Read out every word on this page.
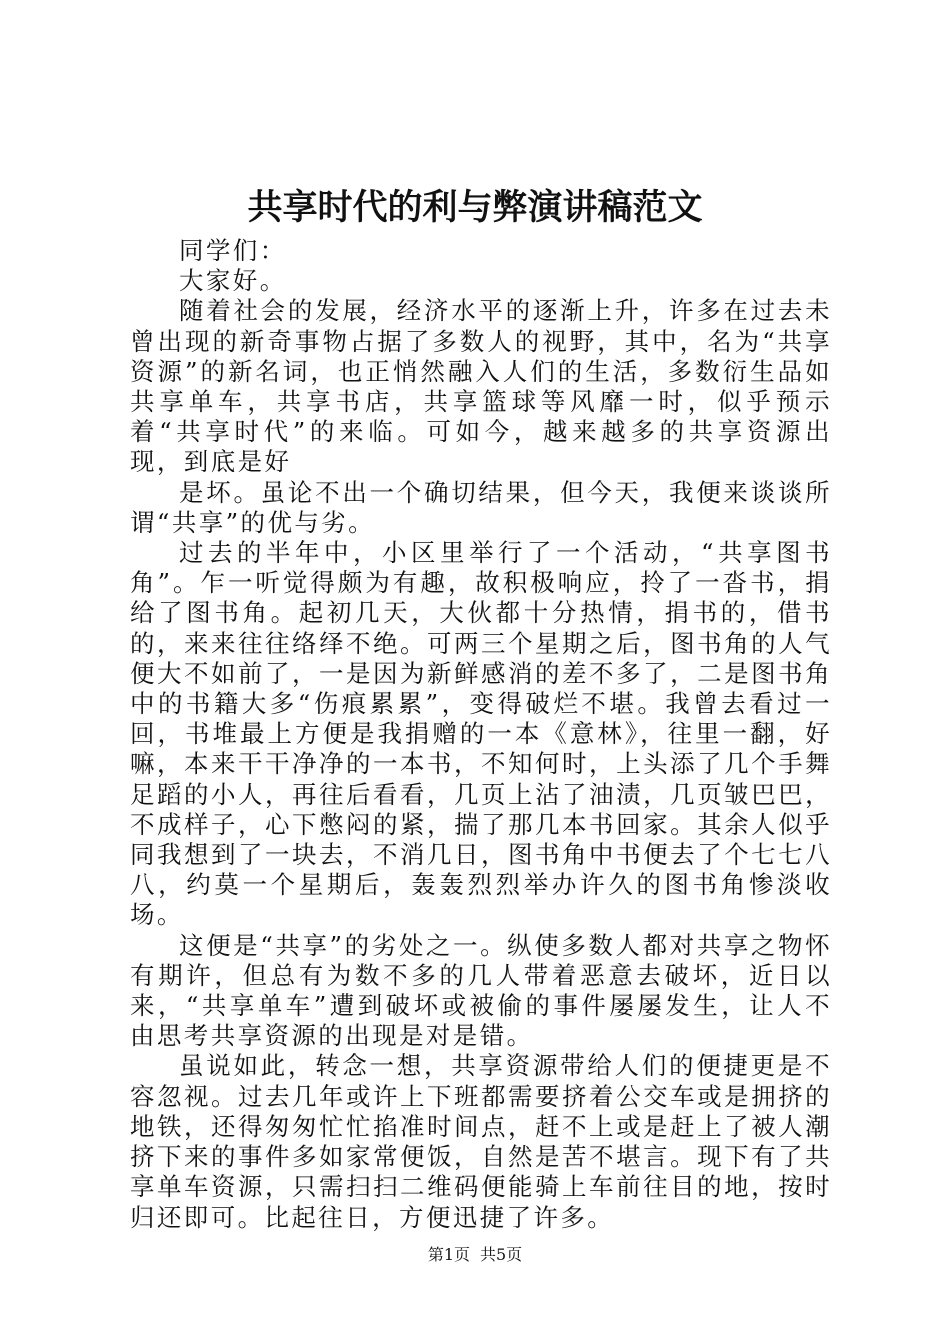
共享时代的利与弊演讲稿范文

同学们：

大家好。

随着社会的发展，经济水平的逐渐上升，许多在过去未曾出现的新奇事物占据了多数人的视野，其中，名为“共享资源”的新名词，也正悄然融入人们的生活，多数衍生品如共享单车，共享书店，共享篮球等风靡一时，似乎预示着“共享时代”的来临。可如今，越来越多的共享资源出现，到底是好

是坏。虽论不出一个确切结果，但今天，我便来谈谈所谓“共享”的优与劣。

过去的半年中，小区里举行了一个活动，“共享图书角”。乍一听觉得颇为有趣，故积极响应，拎了一沓书，捐给了图书角。起初几天，大伙都十分热情，捐书的，借书的，来来往往络绎不绝。可两三个星期之后，图书角的人气便大不如前了，一是因为新鲜感消的差不多了，二是图书角中的书籍大多“伤痕累累”，变得破烂不堪。我曾去看过一回，书堆最上方便是我捐赠的一本《意林》，往里一翻，好嘛，本来干干净净的一本书，不知何时，上头添了几个手舞足蹈的小人，再往后看看，几页上沾了油渍，几页皱巴巴，不成样子，心下憋闷的紧，揣了那几本书回家。其余人似乎同我想到了一块去，不消几日，图书角中书便去了个七七八八，约莫一个星期后，轰轰烈烈举办许久的图书角惨淡收场。

这便是“共享”的劣处之一。纵使多数人都对共享之物怀有期许，但总有为数不多的几人带着恶意去破坏，近日以来，“共享单车”遭到破坏或被偷的事件屡屡发生，让人不由思考共享资源的出现是对是错。

虽说如此，转念一想，共享资源带给人们的便捷更是不容忽视。过去几年或许上下班都需要挤着公交车或是拥挤的地铁，还得匆匆忙忙掐准时间点，赶不上或是赶上了被人潮挤下来的事件多如家常便饭，自然是苦不堪言。现下有了共享单车资源，只需扫扫二维码便能骑上车前往目的地，按时归还即可。比起往日，方便迅捷了许多。

第1页 共5页
